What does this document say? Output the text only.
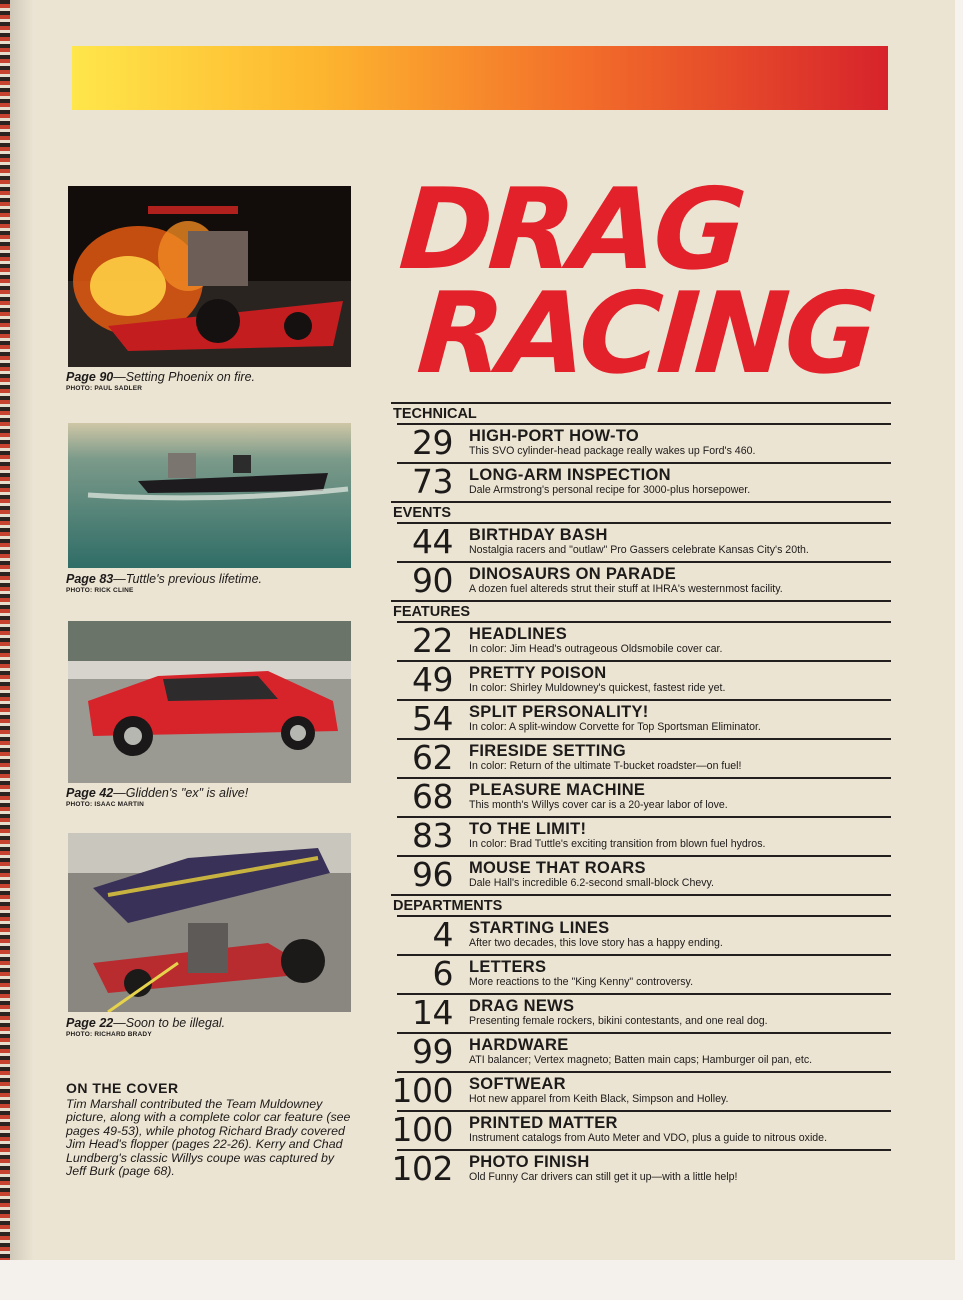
Page 90—Setting Phoenix on fire.
PHOTO: PAUL SADLER
Page 83—Tuttle's previous lifetime.
PHOTO: RICK CLINE
Page 42—Glidden's "ex" is alive!
PHOTO: ISAAC MARTIN
Page 22—Soon to be illegal.
PHOTO: RICHARD BRADY
ON THE COVER
Tim Marshall contributed the Team Muldowney picture, along with a complete color car feature (see pages 49-53), while photog Richard Brady covered Jim Head's flopper (pages 22-26). Kerry and Chad Lundberg's classic Willys coupe was captured by Jeff Burk (page 68).
DRAG
RACING
TECHNICAL
29 HIGH-PORT HOW-TO
This SVO cylinder-head package really wakes up Ford's 460.
73 LONG-ARM INSPECTION
Dale Armstrong's personal recipe for 3000-plus horsepower.
EVENTS
44 BIRTHDAY BASH
Nostalgia racers and "outlaw" Pro Gassers celebrate Kansas City's 20th.
90 DINOSAURS ON PARADE
A dozen fuel altereds strut their stuff at IHRA's westernmost facility.
FEATURES
22 HEADLINES
In color: Jim Head's outrageous Oldsmobile cover car.
49 PRETTY POISON
In color: Shirley Muldowney's quickest, fastest ride yet.
54 SPLIT PERSONALITY!
In color: A split-window Corvette for Top Sportsman Eliminator.
62 FIRESIDE SETTING
In color: Return of the ultimate T-bucket roadster—on fuel!
68 PLEASURE MACHINE
This month's Willys cover car is a 20-year labor of love.
83 TO THE LIMIT!
In color: Brad Tuttle's exciting transition from blown fuel hydros.
96 MOUSE THAT ROARS
Dale Hall's incredible 6.2-second small-block Chevy.
DEPARTMENTS
4 STARTING LINES
After two decades, this love story has a happy ending.
6 LETTERS
More reactions to the "King Kenny" controversy.
14 DRAG NEWS
Presenting female rockers, bikini contestants, and one real dog.
99 HARDWARE
ATI balancer; Vertex magneto; Batten main caps; Hamburger oil pan, etc.
100 SOFTWEAR
Hot new apparel from Keith Black, Simpson and Holley.
100 PRINTED MATTER
Instrument catalogs from Auto Meter and VDO, plus a guide to nitrous oxide.
102 PHOTO FINISH
Old Funny Car drivers can still get it up—with a little help!
